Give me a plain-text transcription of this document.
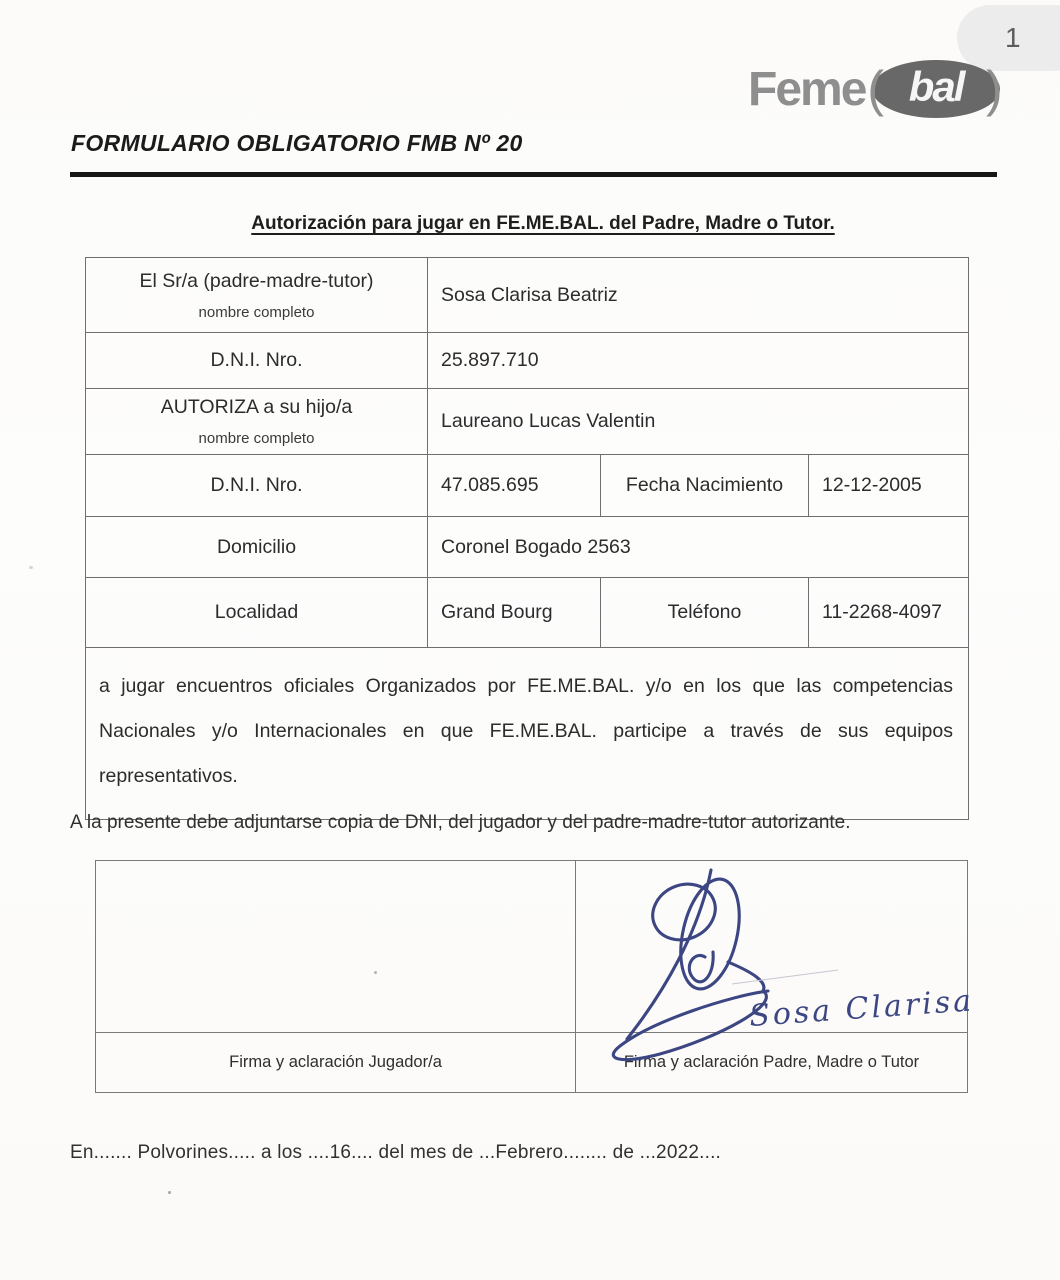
1
Feme ( bal )
FORMULARIO OBLIGATORIO FMB Nº 20
Autorización para jugar en FE.ME.BAL. del Padre, Madre o Tutor.
El Sr/a (padre-madre-tutor)
nombre completo	Sosa Clarisa Beatriz		
D.N.I. Nro.	25.897.710		
AUTORIZA a su hijo/a
nombre completo	Laureano Lucas Valentin		
D.N.I. Nro.	47.085.695	Fecha Nacimiento	12-12-2005
Domicilio	Coronel Bogado 2563		
Localidad	Grand Bourg	Teléfono	11-2268-4097
a jugar encuentros oficiales Organizados por FE.ME.BAL. y/o en los que las competencias Nacionales y/o Internacionales en que FE.ME.BAL. participe a través de sus equipos representativos.			
A la presente debe adjuntarse copia de DNI, del jugador y del padre-madre-tutor autorizante.

Firma y aclaración Jugador/a	Firma y aclaración Padre, Madre o Tutor
Sosa Clarisa
En....... Polvorines..... a los ....16.... del mes de ...Febrero........ de ...2022....
